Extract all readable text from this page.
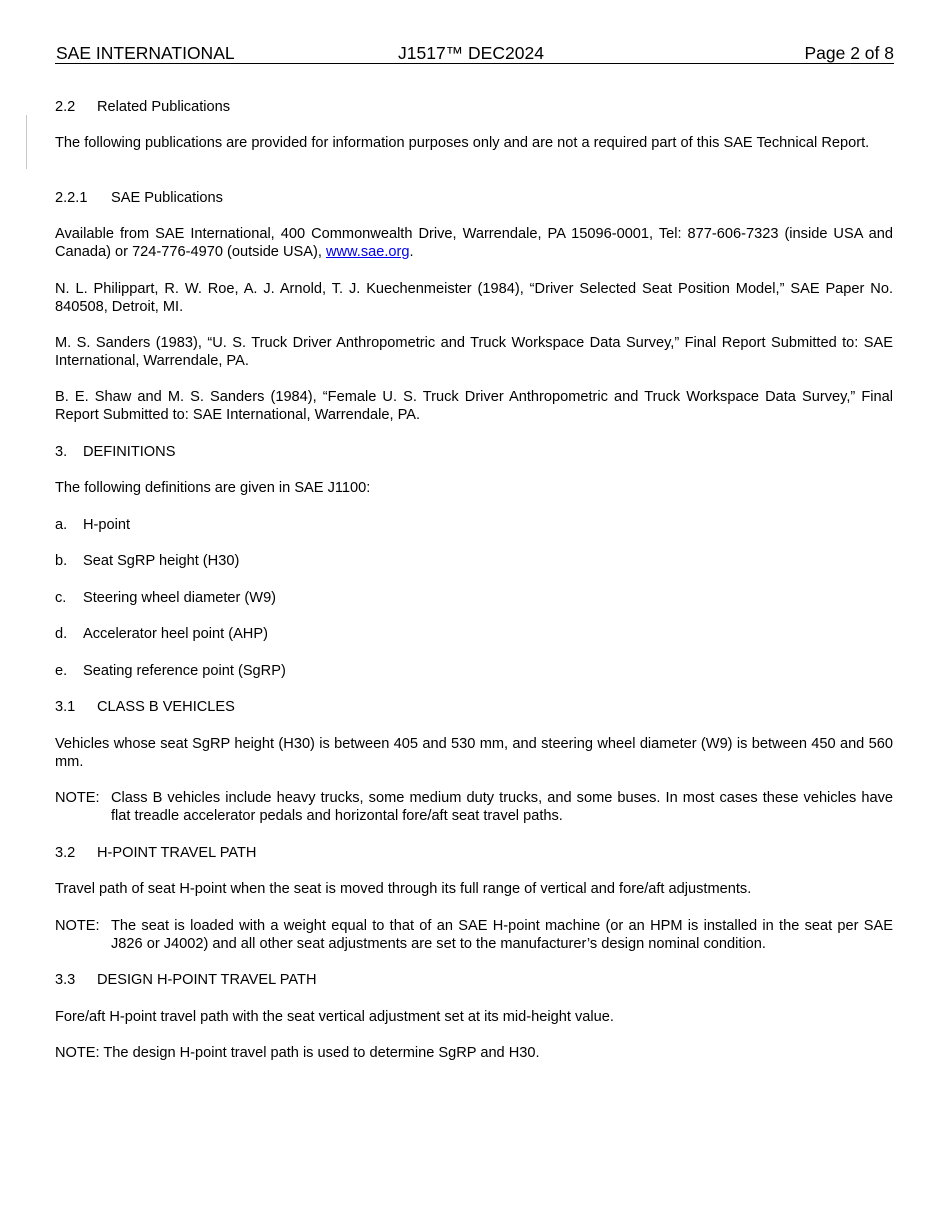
SAE INTERNATIONAL	J1517™ DEC2024	Page 2 of 8
2.2 Related Publications
The following publications are provided for information purposes only and are not a required part of this SAE Technical Report.
2.2.1 SAE Publications
Available from SAE International, 400 Commonwealth Drive, Warrendale, PA 15096-0001, Tel: 877-606-7323 (inside USA and Canada) or 724-776-4970 (outside USA), www.sae.org.
N. L. Philippart, R. W. Roe, A. J. Arnold, T. J. Kuechenmeister (1984), “Driver Selected Seat Position Model,” SAE Paper No. 840508, Detroit, MI.
M. S. Sanders (1983), “U. S. Truck Driver Anthropometric and Truck Workspace Data Survey,” Final Report Submitted to: SAE International, Warrendale, PA.
B. E. Shaw and M. S. Sanders (1984), “Female U. S. Truck Driver Anthropometric and Truck Workspace Data Survey,” Final Report Submitted to: SAE International, Warrendale, PA.
3. DEFINITIONS
The following definitions are given in SAE J1100:
a.	H-point
b.	Seat SgRP height (H30)
c.	Steering wheel diameter (W9)
d.	Accelerator heel point (AHP)
e.	Seating reference point (SgRP)
3.1 CLASS B VEHICLES
Vehicles whose seat SgRP height (H30) is between 405 and 530 mm, and steering wheel diameter (W9) is between 450 and 560 mm.
NOTE: Class B vehicles include heavy trucks, some medium duty trucks, and some buses. In most cases these vehicles have flat treadle accelerator pedals and horizontal fore/aft seat travel paths.
3.2 H-POINT TRAVEL PATH
Travel path of seat H-point when the seat is moved through its full range of vertical and fore/aft adjustments.
NOTE: The seat is loaded with a weight equal to that of an SAE H-point machine (or an HPM is installed in the seat per SAE J826 or J4002) and all other seat adjustments are set to the manufacturer’s design nominal condition.
3.3 DESIGN H-POINT TRAVEL PATH
Fore/aft H-point travel path with the seat vertical adjustment set at its mid-height value.
NOTE: The design H-point travel path is used to determine SgRP and H30.
